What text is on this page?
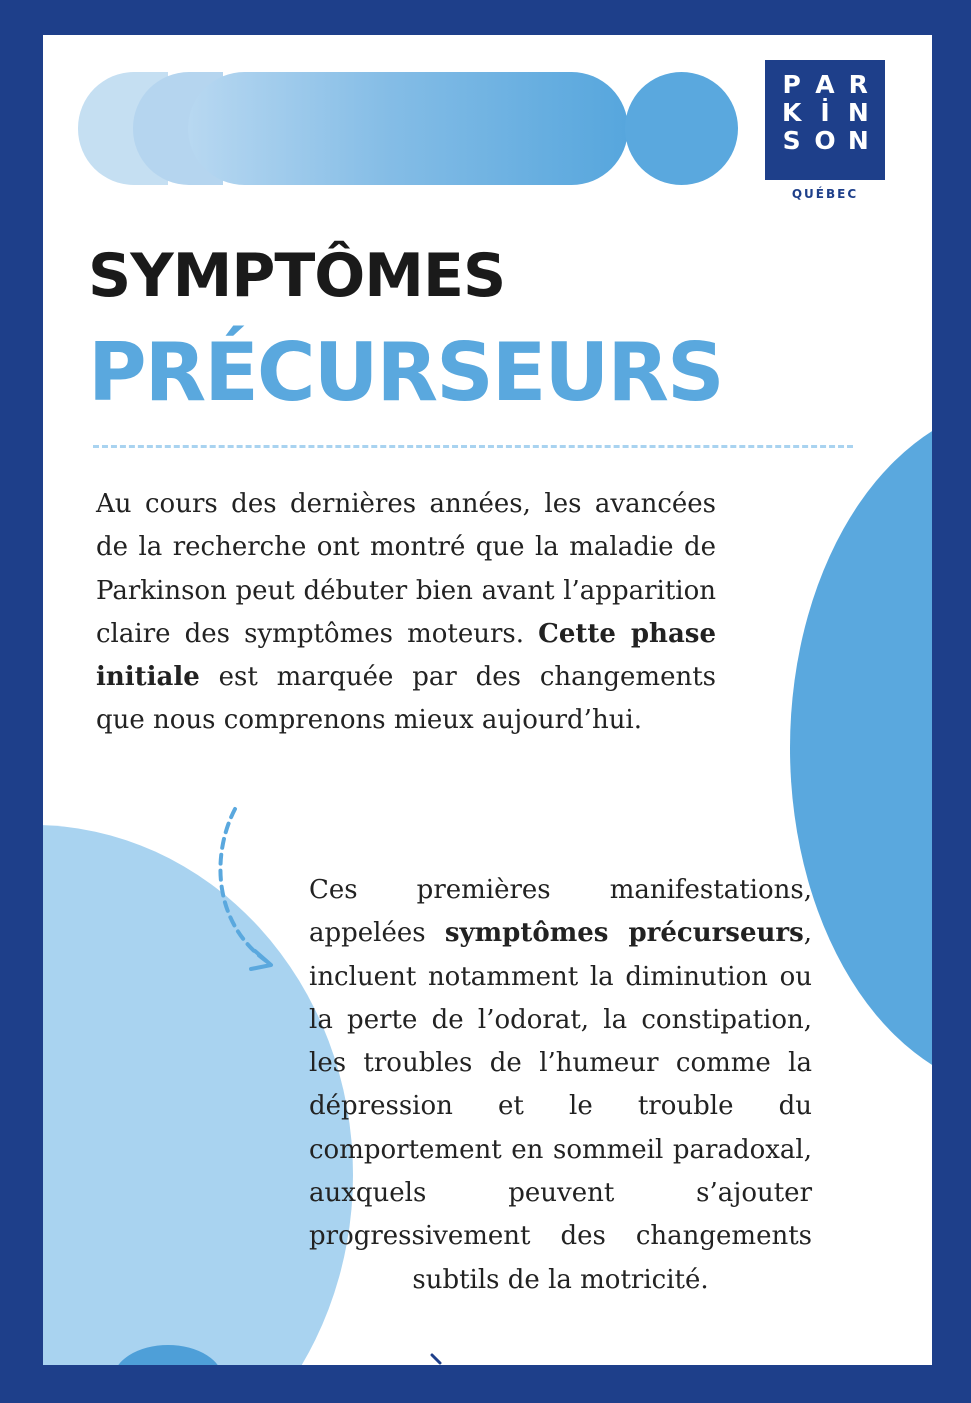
P A R
K İ N
S O N
QUÉBEC
SYMPTÔMES
PRÉCURSEURS

Au cours des dernières années, les avancées de la recherche ont montré que la maladie de Parkinson peut débuter bien avant l’apparition claire des symptômes moteurs. Cette phase initiale est marquée par des changements que nous comprenons mieux aujourd’hui.

Ces premières manifestations, appelées symptômes précurseurs, incluent notamment la diminution ou la perte de l’odorat, la constipation, les troubles de l’humeur comme la dépression et le trouble du comportement en sommeil paradoxal, auxquels peuvent s’ajouter progressivement des changements subtils de la motricité.
